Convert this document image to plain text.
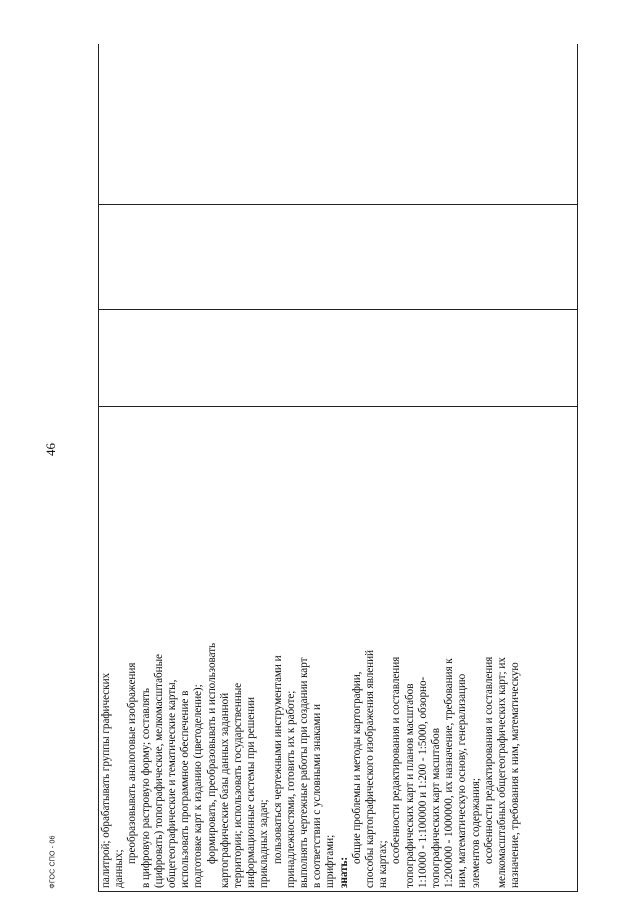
46
ФГОС СПО - 06	палитрой; обрабатывать группы графических данных;

преобразовывать аналоговые изображения в цифровую растровую форму; составлять (цифровать) топографические, мелкомасштабные общегеографические и тематические карты, использовать программное обеспечение в подготовке карт к изданию (цветоделение); формировать, преобразовывать и использовать картографические базы данных заданной территории; использовать государственные информационные системы при решении прикладных задач; пользоваться чертежными инструментами и принадлежностями, готовить их к работе; выполнять чертежные работы при создании карт в соответствии с условными знаками и шрифтами; знать:

общие проблемы и методы картографии, способы картографического изображения явлений на картах;

особенности редактирования и составления топографических карт и планов масштабов 1:10000 - 1:100000 и 1:200 - 1:5000, обзорно- топографических карт масштабов 1:200000 - 1000000, их назначение, требования к ним, математическую основу, генерализацию элементов содержания; особенности редактирования и составления мелкомасштабных общегеографических карт; их назначение, требования к ним, математическую
